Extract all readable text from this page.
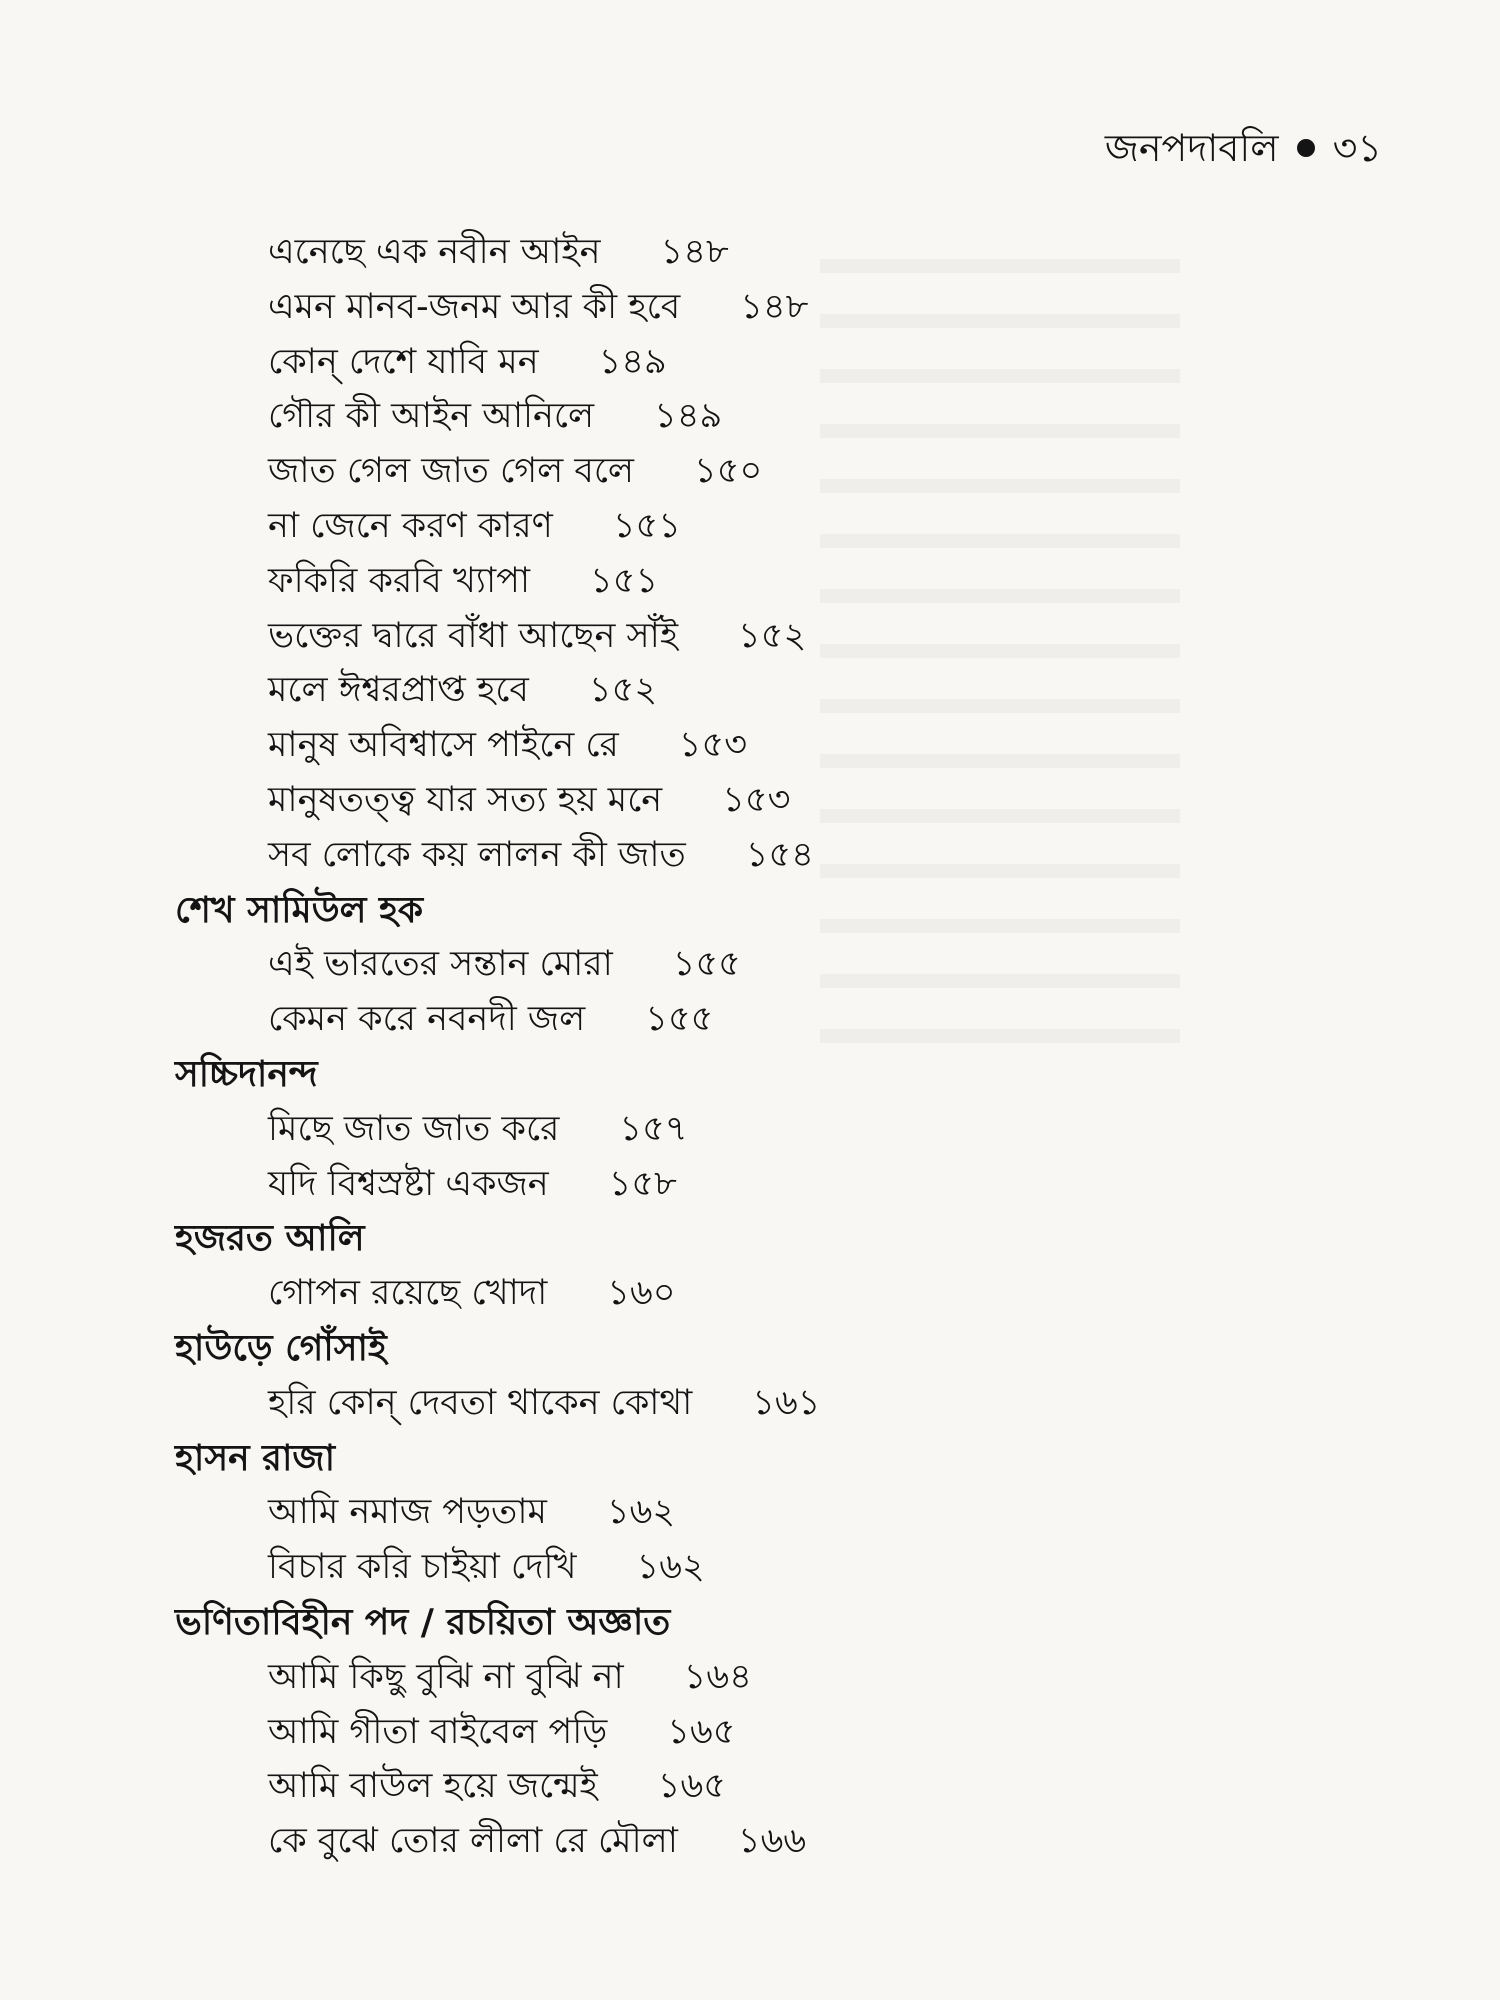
জনপদাবলি ৩১
এনেছে এক নবীন আইন ১৪৮
এমন মানব-জনম আর কী হবে ১৪৮
কোন্ দেশে যাবি মন ১৪৯
গৌর কী আইন আনিলে ১৪৯
জাত গেল জাত গেল বলে ১৫০
না জেনে করণ কারণ ১৫১
ফকিরি করবি খ্যাপা ১৫১
ভক্তের দ্বারে বাঁধা আছেন সাঁই ১৫২
মলে ঈশ্বরপ্রাপ্ত হবে ১৫২
মানুষ অবিশ্বাসে পাইনে রে ১৫৩
মানুষতত্ত্ব যার সত্য হয় মনে ১৫৩
সব লোকে কয় লালন কী জাত ১৫৪
শেখ সামিউল হক
এই ভারতের সন্তান মোরা ১৫৫
কেমন করে নবনদী জল ১৫৫
সচ্চিদানন্দ
মিছে জাত জাত করে ১৫৭
যদি বিশ্বস্রষ্টা একজন ১৫৮
হজরত আলি
গোপন রয়েছে খোদা ১৬০
হাউড়ে গোঁসাই
হরি কোন্ দেবতা থাকেন কোথা ১৬১
হাসন রাজা
আমি নমাজ পড়তাম ১৬২
বিচার করি চাইয়া দেখি ১৬২
ভণিতাবিহীন পদ / রচয়িতা অজ্ঞাত
আমি কিছু বুঝি না বুঝি না ১৬৪
আমি গীতা বাইবেল পড়ি ১৬৫
আমি বাউল হয়ে জন্মেই ১৬৫
কে বুঝে তোর লীলা রে মৌলা ১৬৬
